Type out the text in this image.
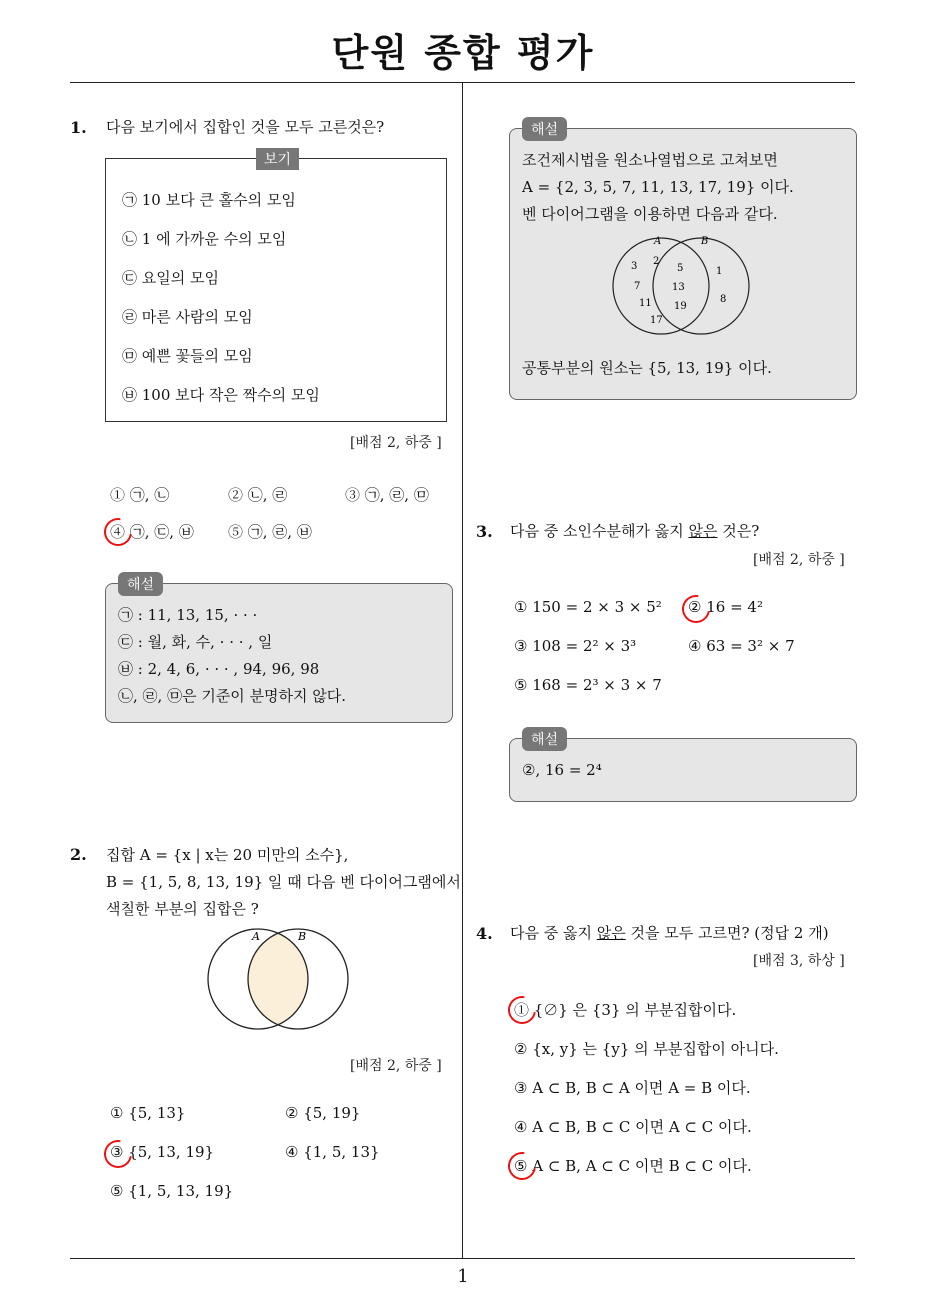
단원 종합 평가
1
1. 다음 보기에서 집합인 것을 모두 고른것은?
보기
㉠ 10 보다 큰 홀수의 모임
㉡ 1 에 가까운 수의 모임
㉢ 요일의 모임
㉣ 마른 사람의 모임
㉤ 예쁜 꽃들의 모임
㉥ 100 보다 작은 짝수의 모임
[배점 2, 하중 ]
① ㉠, ㉡	② ㉡, ㉣	③ ㉠, ㉣, ㉤
④ ㉠, ㉢, ㉥ ⑤ ㉠, ㉣, ㉥
해설
㉠ : 11, 13, 15, · · ·
㉢ : 월, 화, 수, · · · , 일
㉥ : 2, 4, 6, · · · , 94, 96, 98
㉡, ㉣, ㉤은 기준이 분명하지 않다.
2. 집합 A = {x | x는 20 미만의 소수},
B = {1, 5, 8, 13, 19} 일 때 다음 벤 다이어그램에서
색칠한 부분의 집합은 ?
A	B
[배점 2, 하중 ]
① {5, 13}	② {5, 19}
③ {5, 13, 19}	④ {1, 5, 13}
⑤ {1, 5, 13, 19}
해설
조건제시법을 원소나열법으로 고쳐보면
A = {2, 3, 5, 7, 11, 13, 17, 19} 이다.
벤 다이어그램을 이용하면 다음과 같다.
A	B
3 2
7
11
17
5
13
19
1
8
공통부분의 원소는 {5, 13, 19} 이다.
3. 다음 중 소인수분해가 옳지 않은 것은?
[배점 2, 하중 ]
① 150 = 2 × 3 × 5² ② 16 = 4²
③ 108 = 2² × 3³	④ 63 = 3² × 7
⑤ 168 = 2³ × 3 × 7
해설
②, 16 = 2⁴
4. 다음 중 옳지 않은 것을 모두 고르면? (정답 2 개)
[배점 3, 하상 ]
① {∅} 은 {3} 의 부분집합이다.
② {x, y} 는 {y} 의 부분집합이 아니다.
③ A ⊂ B, B ⊂ A 이면 A = B 이다.
④ A ⊂ B, B ⊂ C 이면 A ⊂ C 이다.
⑤ A ⊂ B, A ⊂ C 이면 B ⊂ C 이다.
